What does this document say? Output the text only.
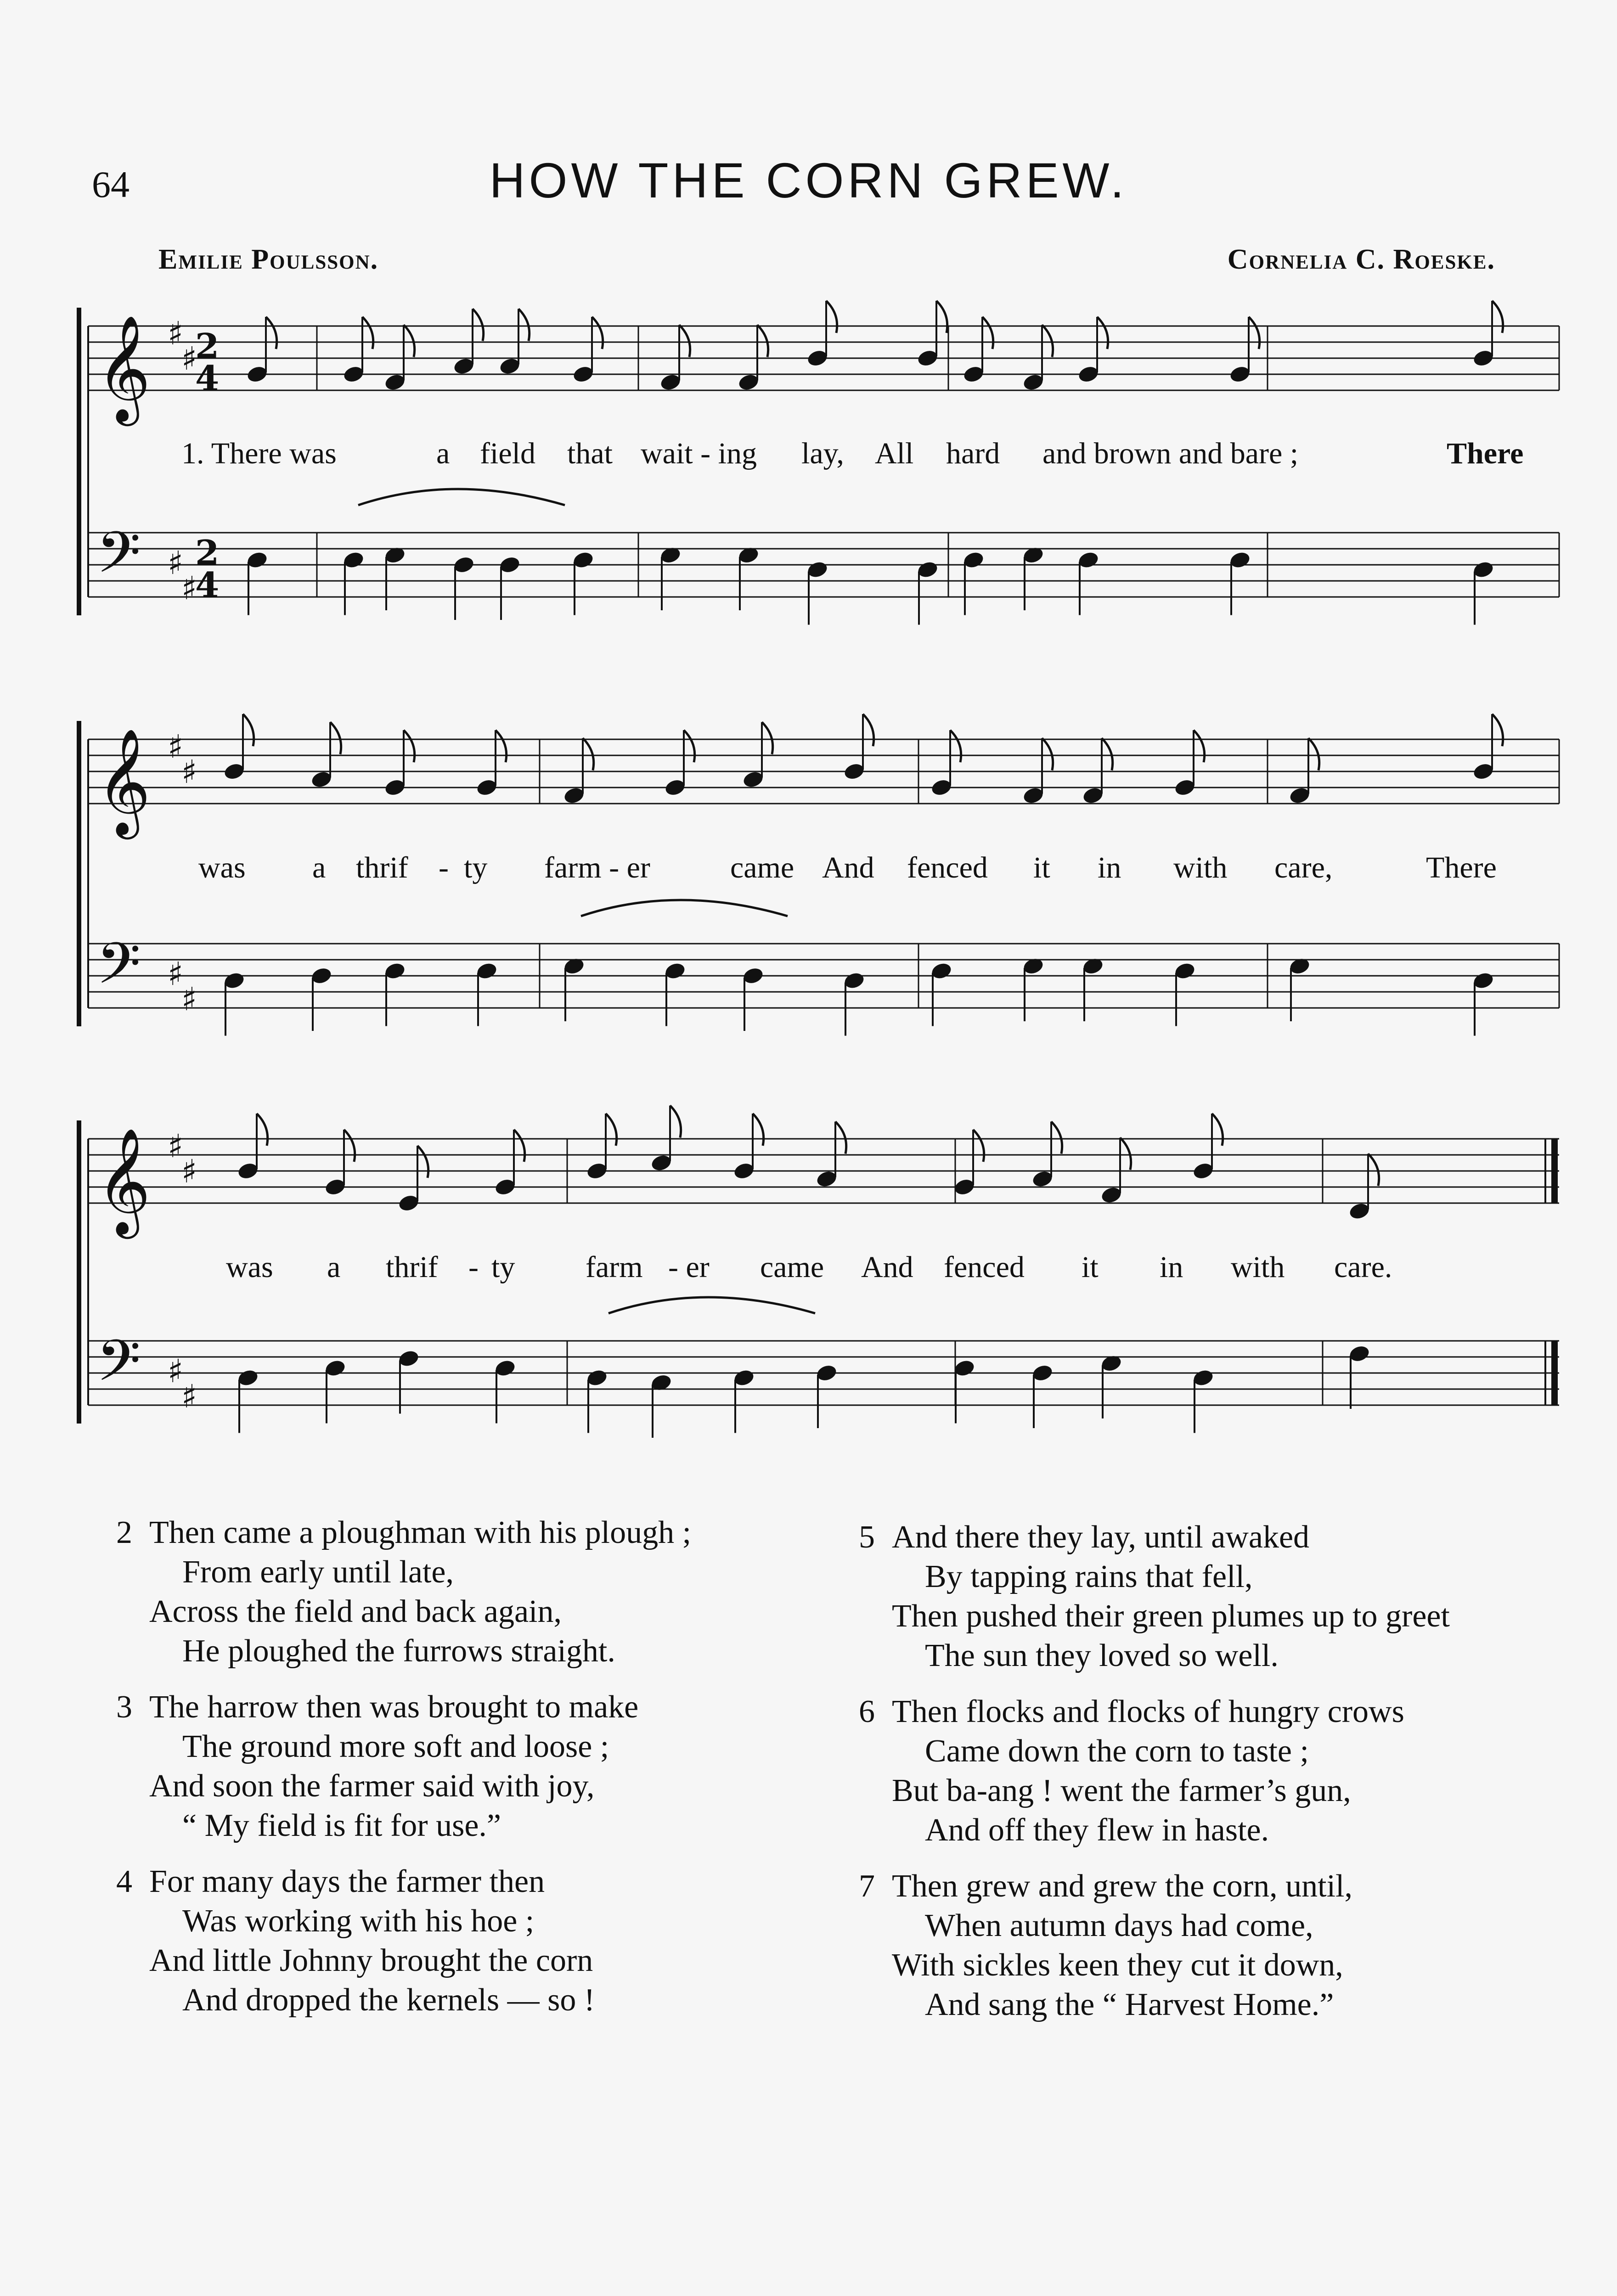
64	HOW THE CORN GREW.
Emilie Poulsson.	Cornelia C. Roeske.
𝄞
𝄢
♯
♯
♯
♯
2
4
2
4
𝄞
𝄢
♯
♯
♯
♯
𝄞
𝄢
♯
♯
♯
♯
1. There was	a field that wait - ing lay, All hard and brown and bare ;	There
was a thrif - ty farm - er	came And fenced it in with care,	There
was a thrif - ty farm - er came And fenced it in with care.
2 Then came a ploughman with his plough ;
From early until late,
Across the field and back again,
He ploughed the furrows straight.
3 The harrow then was brought to make
The ground more soft and loose ;
And soon the farmer said with joy,
“ My field is fit for use.”
4 For many days the farmer then
Was working with his hoe ;
And little Johnny brought the corn
And dropped the kernels — so !
5 And there they lay, until awaked
By tapping rains that fell,
Then pushed their green plumes up to greet
The sun they loved so well.
6 Then flocks and flocks of hungry crows
Came down the corn to taste ;
But ba-ang ! went the farmer’s gun,
And off they flew in haste.
7 Then grew and grew the corn, until,
When autumn days had come,
With sickles keen they cut it down,
And sang the “ Harvest Home.”
